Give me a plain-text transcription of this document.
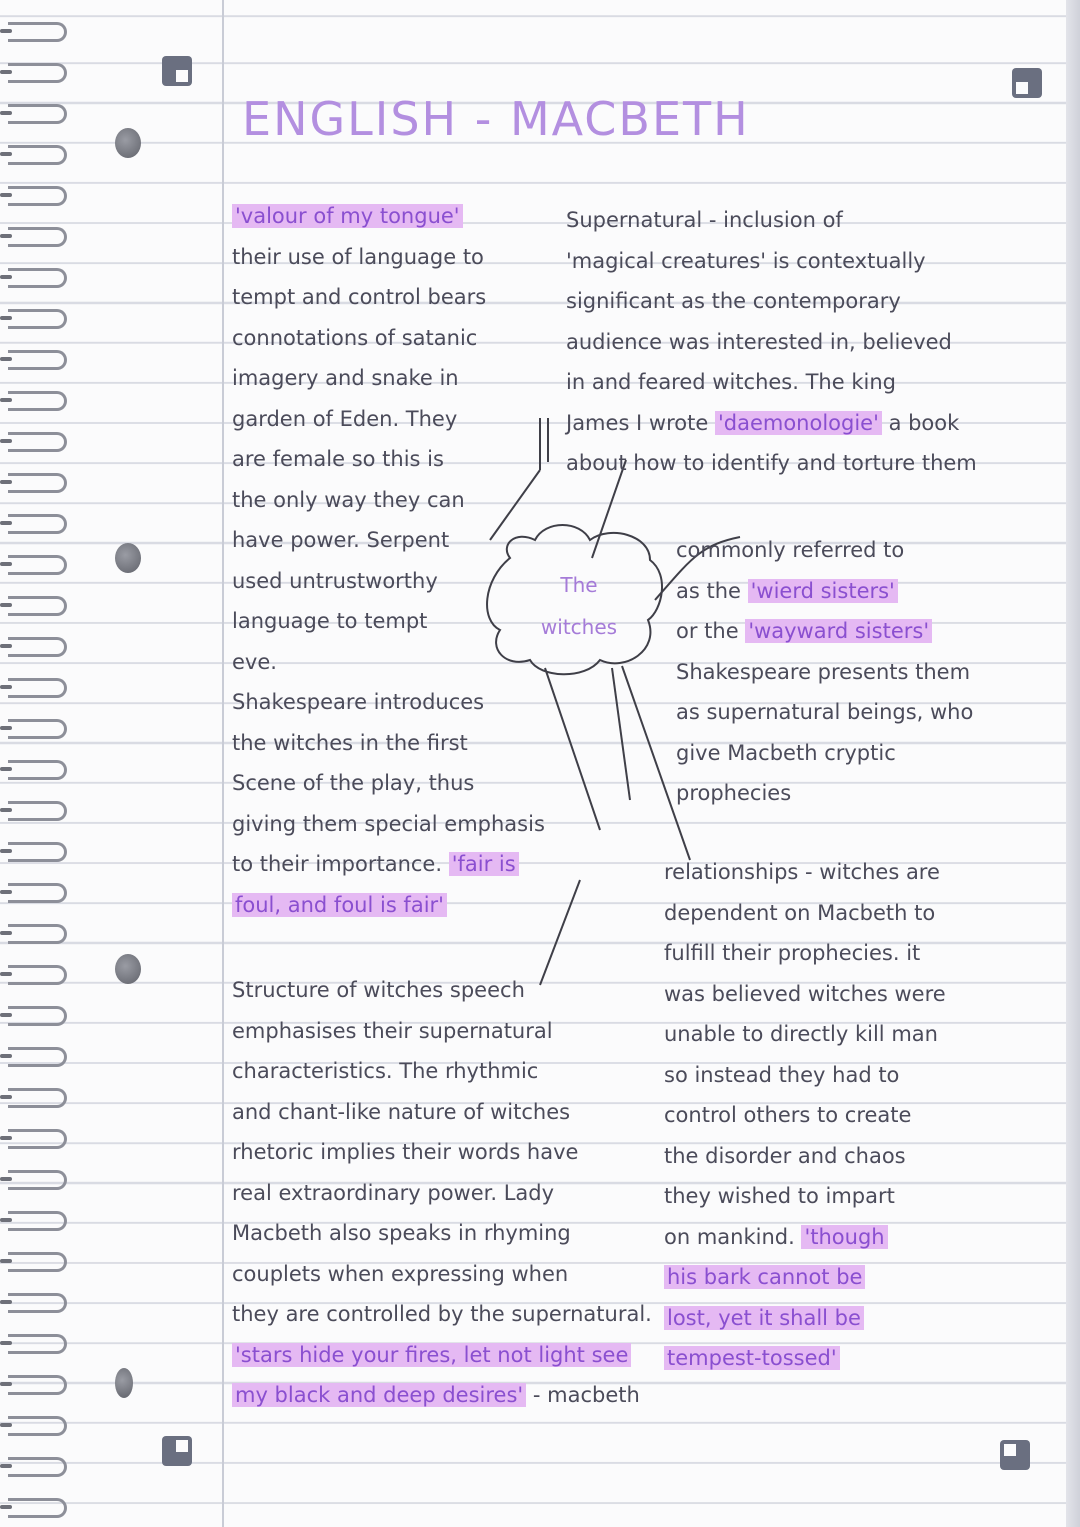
ENGLISH - MACBETH
The
witches
'valour of my tongue'
their use of language to
tempt and control bears
connotations of satanic
imagery and snake in
garden of Eden. They
are female so this is
the only way they can
have power. Serpent
used untrustworthy
language to tempt
eve.
Shakespeare introduces
the witches in the first
Scene of the play, thus
giving them special emphasis
to their importance. 'fair is
foul, and foul is fair'
Supernatural - inclusion of
'magical creatures' is contextually
significant as the contemporary
audience was interested in, believed
in and feared witches. The king
James I wrote 'daemonologie' a book
about how to identify and torture them
commonly referred to
as the 'wierd sisters'
or the 'wayward sisters'
Shakespeare presents them
as supernatural beings, who
give Macbeth cryptic
prophecies
relationships - witches are
dependent on Macbeth to
fulfill their prophecies. it
was believed witches were
unable to directly kill man
so instead they had to
control others to create
the disorder and chaos
they wished to impart
on mankind. 'though
his bark cannot be
lost, yet it shall be
tempest-tossed'
Structure of witches speech
emphasises their supernatural
characteristics. The rhythmic
and chant-like nature of witches
rhetoric implies their words have
real extraordinary power. Lady
Macbeth also speaks in rhyming
couplets when expressing when
they are controlled by the supernatural.
'stars hide your fires, let not light see
my black and deep desires' - macbeth
